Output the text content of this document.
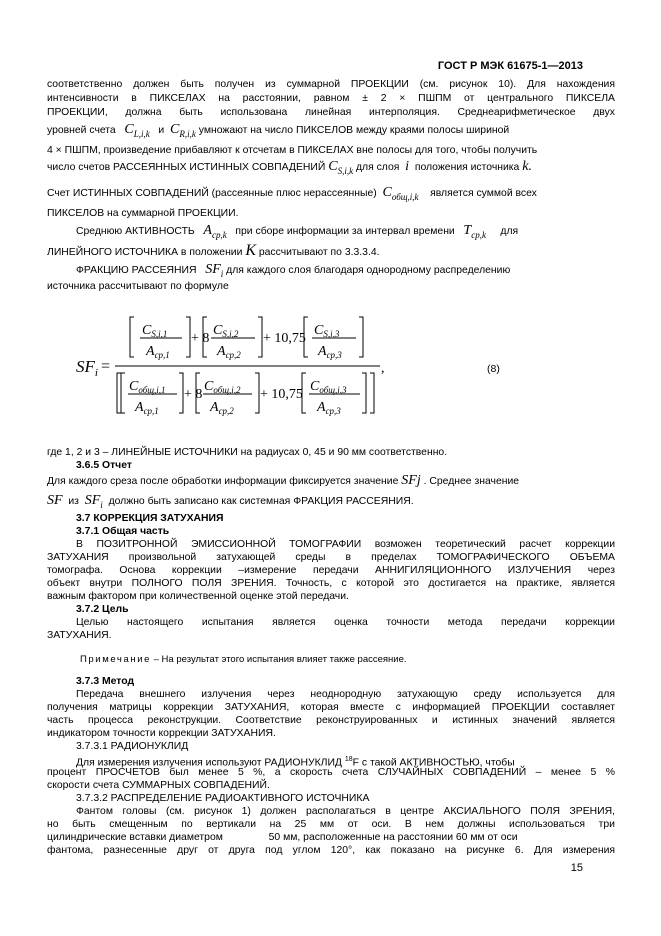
ГОСТ Р МЭК 61675-1—2013
соответственно должен быть получен из суммарной ПРОЕКЦИИ (см. рисунок 10). Для нахождения
интенсивности в ПИКСЕЛАХ на расстоянии, равном ± 2 × ПШПМ от центрального ПИКСЕЛА
ПРОЕКЦИИ, должна быть использована линейная интерполяция. Среднеарифметическое двух
уровней счета $C_{L,i,k}$ и $C_{R,i,k}$ умножают на число ПИКСЕЛОВ между краями полосы шириной
4 × ПШПМ, произведение прибавляют к отсчетам в ПИКСЕЛАХ вне полосы для того, чтобы получить
число счетов РАССЕЯННЫХ ИСТИННЫХ СОВПАДЕНИЙ $C_{S,i,k}$ для слоя i положения источника k.
Счет ИСТИННЫХ СОВПАДЕНИЙ (рассеянные плюс нерассеянные) $C_{общ,i,k}$ является суммой всех
ПИКСЕЛОВ на суммарной ПРОЕКЦИИ.
Среднюю АКТИВНОСТЬ $A_{ср,k}$ при сборе информации за интервал времени $T_{ср,k}$ для
ЛИНЕЙНОГО ИСТОЧНИКА в положении K рассчитывают по 3.3.3.4.
ФРАКЦИЮ РАССЕЯНИЯ $SF_i$ для каждого слоя благодаря однородному распределению
источника рассчитывают по формуле
$SF_i$ =
$C_{S,i,1}$
$A_{ср,1}$
$C_{S,i,2}$
$A_{ср,2}$
$C_{S,i,3}$
$A_{ср,3}$
$C_{общ,i,1}$
$A_{ср,1}$
$C_{общ,i,2}$
$A_{ср,2}$
$C_{общ,i,3}$
$A_{ср,3}$
+ 8	+ 10,75
+ 8	+ 10,75
,	(8)
где 1, 2 и 3 – ЛИНЕЙНЫЕ ИСТОЧНИКИ на радиусах 0, 45 и 90 мм соответственно.
3.6.5 Отчет
Для каждого среза после обработки информации фиксируется значение SFj . Среднее значение
SF из $SF_i$ должно быть записано как системная ФРАКЦИЯ РАССЕЯНИЯ.
3.7 КОРРЕКЦИЯ ЗАТУХАНИЯ
3.7.1 Общая часть
В ПОЗИТРОННОЙ ЭМИССИОННОЙ ТОМОГРАФИИ возможен теоретический расчет коррекции
ЗАТУХАНИЯ произвольной затухающей среды в пределах ТОМОГРАФИЧЕСКОГО ОБЪЕМА
томографа. Основа коррекции –измерение передачи АННИГИЛЯЦИОННОГО ИЗЛУЧЕНИЯ через
объект внутри ПОЛНОГО ПОЛЯ ЗРЕНИЯ. Точность, с которой это достигается на практике, является
важным фактором при количественной оценке этой передачи.
3.7.2 Цель
Целью настоящего испытания является оценка точности метода передачи коррекции
ЗАТУХАНИЯ.
Примечание – На результат этого испытания влияет также рассеяние.
3.7.3 Метод
Передача внешнего излучения через неоднородную затухающую среду используется для
получения матрицы коррекции ЗАТУХАНИЯ, которая вместе с информацией ПРОЕКЦИИ составляет
часть процесса реконструкции. Соответствие реконструированных и истинных значений является
индикатором точности коррекции ЗАТУХАНИЯ.
3.7.3.1 РАДИОНУКЛИД
Для измерения излучения используют РАДИОНУКЛИД $^{18}$F с такой АКТИВНОСТЬЮ, чтобы
процент ПРОСЧЕТОВ был менее 5 %, а скорость счета СЛУЧАЙНЫХ СОВПАДЕНИЙ – менее 5 %
скорости счета СУММАРНЫХ СОВПАДЕНИЙ.
3.7.3.2 РАСПРЕДЕЛЕНИЕ РАДИОАКТИВНОГО ИСТОЧНИКА
Фантом головы (см. рисунок 1) должен располагаться в центре АКСИАЛЬНОГО ПОЛЯ ЗРЕНИЯ,
но быть смещенным по вертикали на 25 мм от оси. В нем должны использоваться три
цилиндрические вставки диаметром	50 мм, расположенные на расстоянии 60 мм от оси
фантома, разнесенные друг от друга под углом 120°, как показано на рисунке 6. Для измерения
15
